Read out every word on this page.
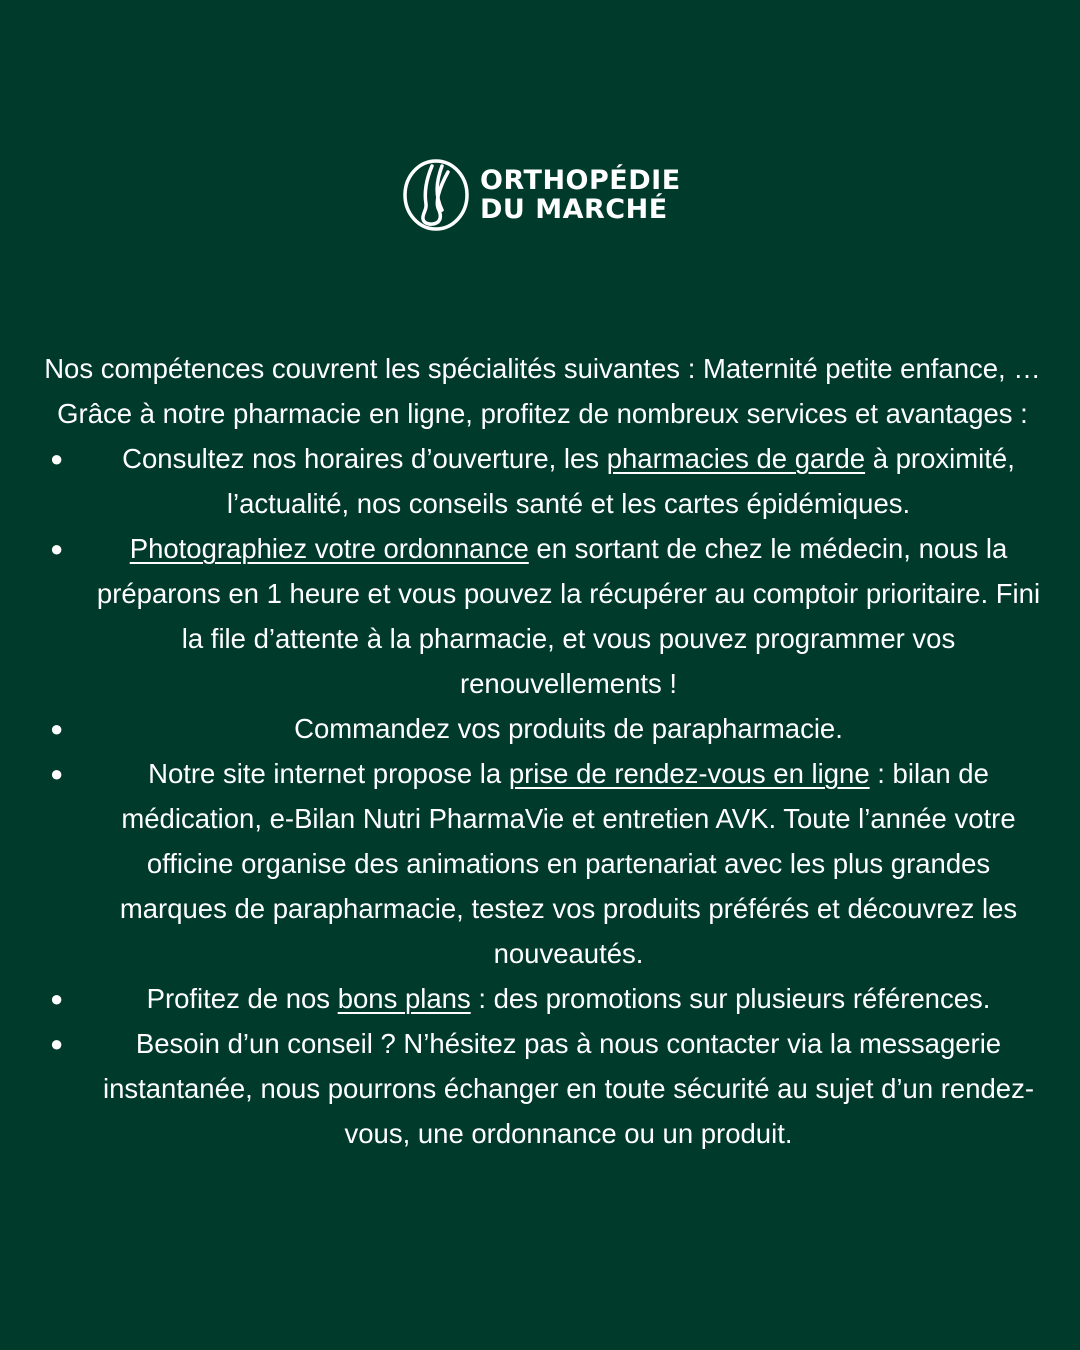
ORTHOPÉDIE
DU MARCHÉ

Nos compétences couvrent les spécialités suivantes : Maternité petite enfance, …

Grâce à notre pharmacie en ligne, profitez de nombreux services et avantages :

● Consultez nos horaires d’ouverture, les pharmacies de garde à proximité, l’actualité, nos conseils santé et les cartes épidémiques.
● Photographiez votre ordonnance en sortant de chez le médecin, nous la préparons en 1 heure et vous pouvez la récupérer au comptoir prioritaire. Fini la file d’attente à la pharmacie, et vous pouvez programmer vos renouvellements !
●	Commandez vos produits de parapharmacie.
●	Notre site internet propose la prise de rendez-vous en ligne : bilan de médication, e-Bilan Nutri PharmaVie et entretien AVK. Toute l’année votre officine organise des animations en partenariat avec les plus grandes marques de parapharmacie, testez vos produits préférés et découvrez les nouveautés.
●	Profitez de nos bons plans : des promotions sur plusieurs références.
●	Besoin d’un conseil ? N’hésitez pas à nous contacter via la messagerie instantanée, nous pourrons échanger en toute sécurité au sujet d’un rendez-vous, une ordonnance ou un produit.
